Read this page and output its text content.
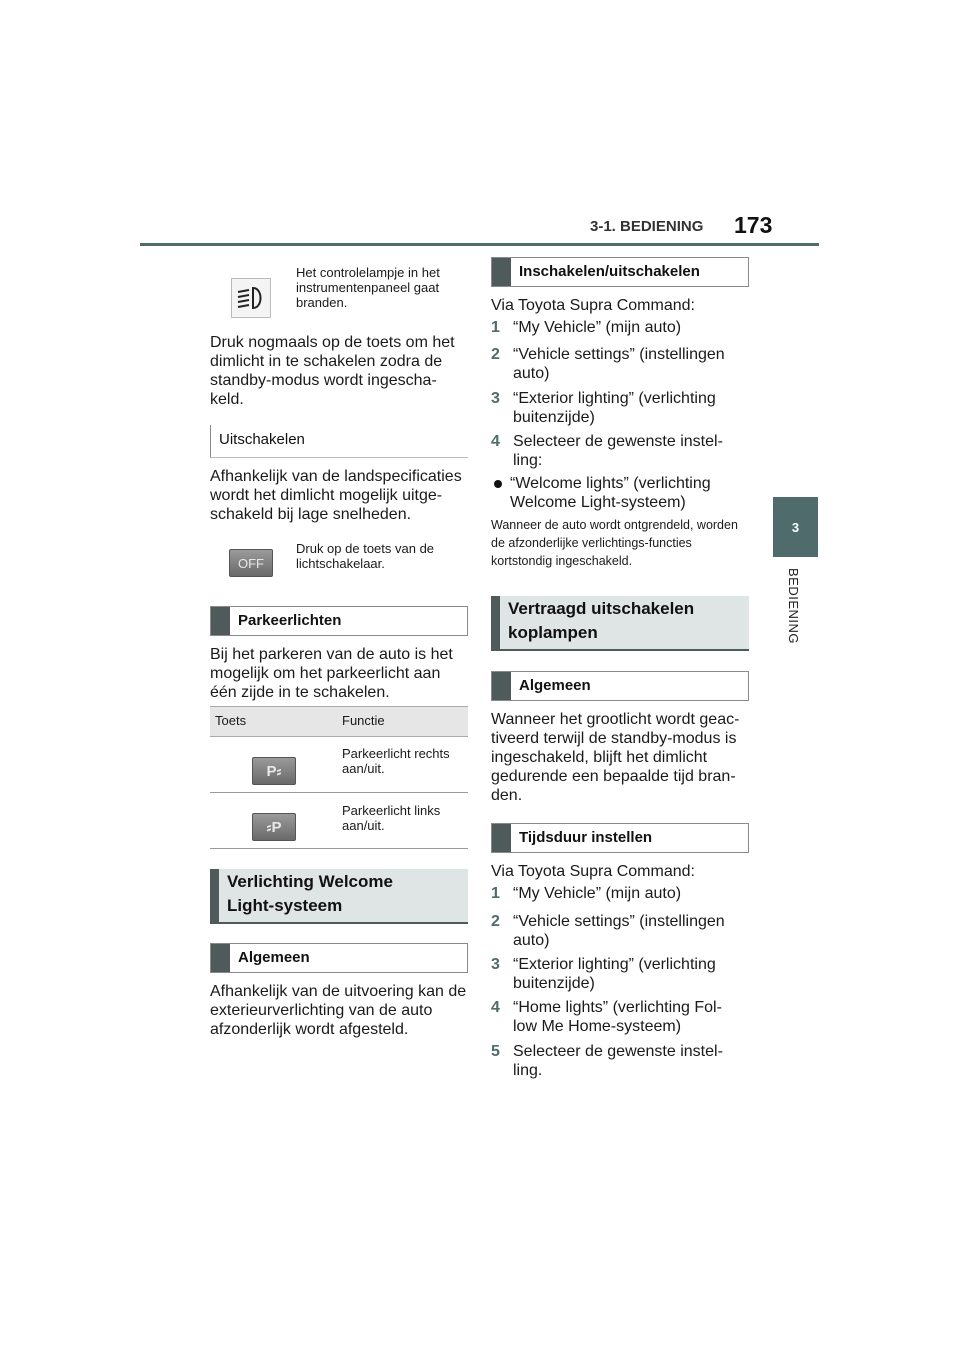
3-1. BEDIENING 173
3
BEDIENING
Het controlelampje in het instrumentenpaneel gaat branden.
Druk nogmaals op de toets om het dimlicht in te schakelen zodra de standby-modus wordt ingescha-keld.
Uitschakelen
Afhankelijk van de landspecificaties wordt het dimlicht mogelijk uitge-schakeld bij lage snelheden.
OFF
Druk op de toets van de lichtschakelaar.
Parkeerlichten
Bij het parkeren van de auto is het mogelijk om het parkeerlicht aan één zijde in te schakelen.
Toets	Functie
P⸗
Parkeerlicht rechts aan/uit.
⸗P
Parkeerlicht links aan/uit.
Verlichting Welcome
Light-systeem
Algemeen
Afhankelijk van de uitvoering kan de exterieurverlichting van de auto afzonderlijk wordt afgesteld.
Inschakelen/uitschakelen
Via Toyota Supra Command:
1 “My Vehicle” (mijn auto)
2 “Vehicle settings” (instellingen auto)
3 “Exterior lighting” (verlichting buitenzijde)
4 Selecteer de gewenste instel-ling:
“Welcome lights” (verlichting Welcome Light-systeem)
Wanneer de auto wordt ontgrendeld, worden de afzonderlijke verlichtings-functies kortstondig ingeschakeld.
Vertraagd uitschakelen
koplampen
Algemeen
Wanneer het grootlicht wordt geac-tiveerd terwijl de standby-modus is ingeschakeld, blijft het dimlicht gedurende een bepaalde tijd bran-den.
Tijdsduur instellen
Via Toyota Supra Command:
1 “My Vehicle” (mijn auto)
2 “Vehicle settings” (instellingen auto)
3 “Exterior lighting” (verlichting buitenzijde)
4 “Home lights” (verlichting Fol-low Me Home-systeem)
5 Selecteer de gewenste instel-ling.
